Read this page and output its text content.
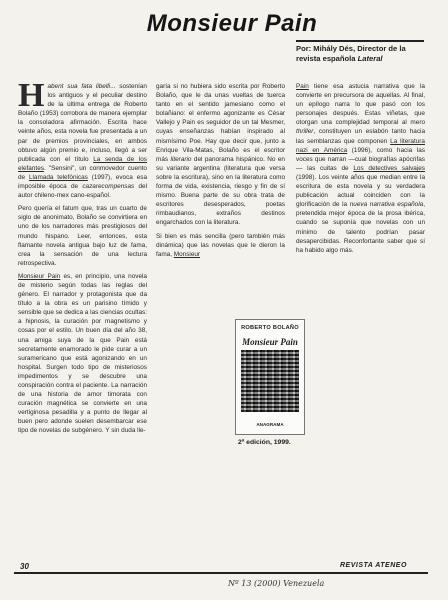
Monsieur Pain
Por: Mihály Dés, Director de la
revista española Lateral

Habent sua fata libelli... sostenían los antiguos y el peculiar destino de la última entrega de Roberto Bolaño (1953) corrobora de manera ejemplar la consoladora afirmación. Escrita hace veinte años, esta novela fue presentada a un par de premios provinciales, en ambos obtuvo algún premio e, incluso, llegó a ser publicada con el título La senda de los elefantes. "Sensini", un conmovedor cuento de Llamada telefónicas (1997), evoca esa imposible época de cazarecompensas del autor chileno-mex cano-español.

Pero quería el fatum que, tras un cuarto de siglo de anonimato, Bolaño se convirtiera en uno de los narradores más prestigiosos del mundo hispano. Leer, entonces, esta flamante novela antigua bajo luz de fama, crea la sensación de una lectura retrospectiva.

Monsieur Pain es, en principio, una novela de misterio según todas las reglas del género. El narrador y protagonista que da título a la obra es un parisino tímido y sensible que se dedica a las ciencias ocultas: a hipnosis, la curación por magnetismo y cosas por el estilo. Un buen día del año 38, una amiga suya de la que Pain está secretamente enamorado le pide curar a un suramericano que está agonizando en un hospital. Surgen todo tipo de misteriosos impedimentos y se descubre una conspiración contra el paciente. La narración de una historia de amor timorata con curación magnética se convierte en una vertiginosa pesadilla y a punto de llegar al buen pero adonde suelen desembarcar ese tipo de novelas de subgénero. Y sin duda lle-

garía si no hubiera sido escrita por Roberto Bolaño, que le da unas vueltas de tuerca tanto en el sentido jamesiano como el bolañiano: el enfermo agonizante es César Vallejo y Pain es seguidor de un tal Mesmer, cuyas enseñanzas habían inspirado al mismísimo Poe. Hay que decir que, junto a Enrique Vila-Matas, Bolaño es el escritor más literario del panorama hispánico. No en su variante argentina (literatura que versa sobre la escritura), sino en la literatura como forma de vida, existencia, riesgo y fin de sí mismo. Buena parte de su obra trata de escritores desesperados, poetas rimbaudianos, extraños destinos engarchados con la literatura.

Si bien es más sencilla (pero también más dinámica) que las novelas que le dieron la fama, Monsieur

ROBERTO BOLAÑO
Monsieur Pain
ANAGRAMA
2ª edición, 1999.

Pain tiene esa astucia narrativa que la convierte en precursora de aquellas. Al final, un epílogo narra lo que pasó con los personajes después. Estas viñetas, que otorgan una complejidad temporal al mero thriller, constituyen un eslabón tanto hacia las semblanzas que componen La literatura nazi en América (1996), como hacia las voces que narran —cual biografías apócrifas— las cuitas de Los detectives salvajes (1998). Los veinte años que median entre la escritura de esta novela y su verdadera publicación actual coinciden con la glorificación de la nueva narrativa española, pretendida mejor época de la prosa ibérica, cuando se suponía que novelas con un mínimo de talento podrían pasar desapercibidas. Reconfortante saber que sí ha habido algo más.

30	REVISTA ATENEO
Nº 13 (2000) Venezuela
